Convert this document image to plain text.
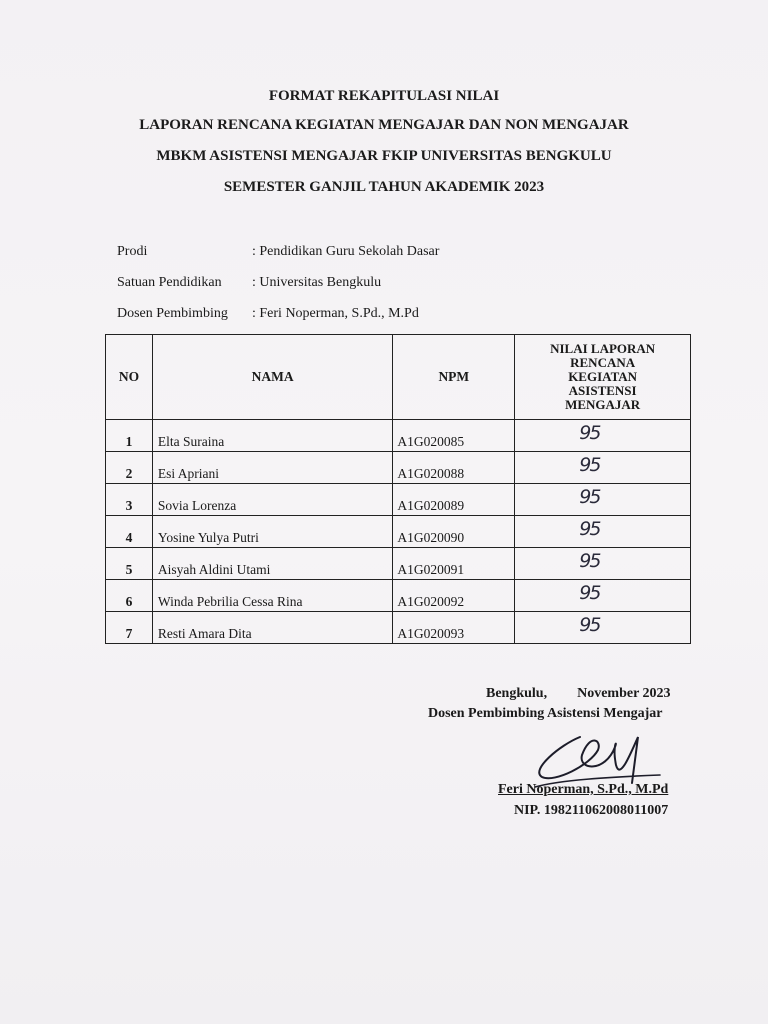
FORMAT REKAPITULASI NILAI
LAPORAN RENCANA KEGIATAN MENGAJAR DAN NON MENGAJAR
MBKM ASISTENSI MENGAJAR FKIP UNIVERSITAS BENGKULU
SEMESTER GANJIL TAHUN AKADEMIK 2023
Prodi	: Pendidikan Guru Sekolah Dasar
Satuan Pendidikan : Universitas Bengkulu
Dosen Pembimbing : Feri Noperman, S.Pd., M.Pd
NO	NAMA	NPM	NILAI LAPORAN
RENCANA
KEGIATAN
ASISTENSI
MENGAJAR

1	Elta Suraina	A1G020085	95

2	Esi Apriani	A1G020088	95

3	Sovia Lorenza	A1G020089	95

4	Yosine Yulya Putri	A1G020090	95

5	Aisyah Aldini Utami	A1G020091	95

6	Winda Pebrilia Cessa Rina	A1G020092	95

7	Resti Amara Dita	A1G020093	95
Bengkulu, November 2023
Dosen Pembimbing Asistensi Mengajar
Feri Noperman, S.Pd., M.Pd
NIP. 198211062008011007
